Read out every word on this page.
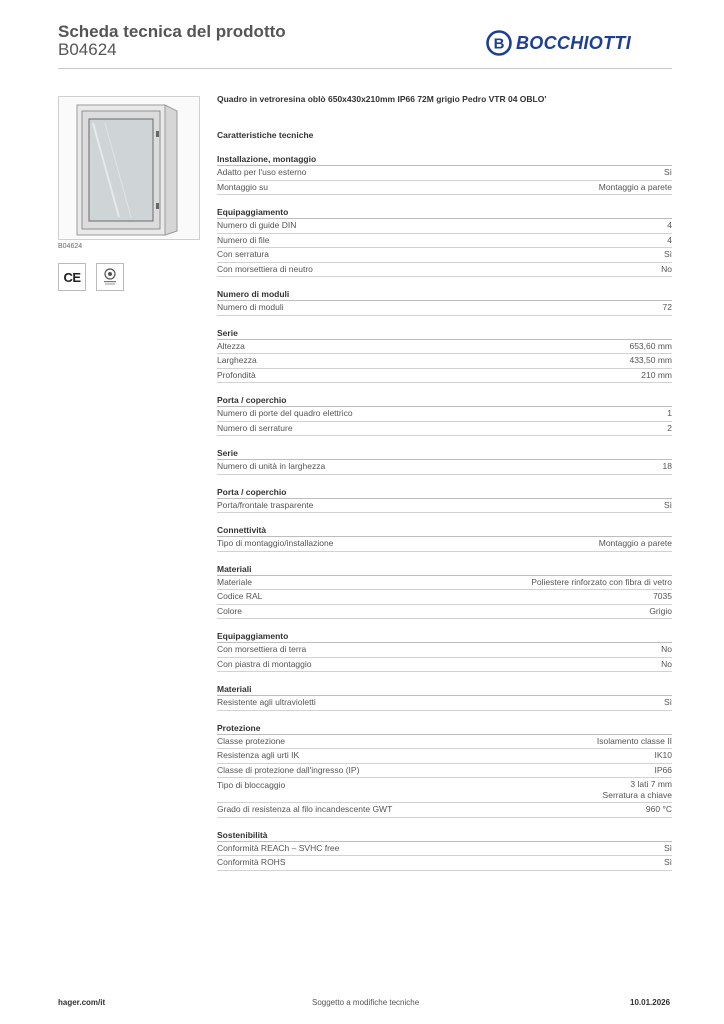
Scheda tecnica del prodotto
B04624	B BOCCHIOTTI
B04624
CE
Quadro in vetroresina oblò 650x430x210mm IP66 72M grigio Pedro VTR 04 OBLO'
Caratteristiche tecniche
Installazione, montaggio
Adatto per l'uso esterno	Sì
Montaggio su	Montaggio a parete
Equipaggiamento
Numero di guide DIN	4
Numero di file	4
Con serratura	Sì
Con morsettiera di neutro	No
Numero di moduli
Numero di moduli	72
Serie
Altezza	653,60 mm
Larghezza	433,50 mm
Profondità	210 mm
Porta / coperchio
Numero di porte del quadro elettrico	1
Numero di serrature	2
Serie
Numero di unità in larghezza	18
Porta / coperchio
Porta/frontale trasparente	Sì
Connettività
Tipo di montaggio/installazione	Montaggio a parete
Materiali
Materiale	Poliestere rinforzato con fibra di vetro
Codice RAL	7035
Colore	Grigio
Equipaggiamento
Con morsettiera di terra	No
Con piastra di montaggio	No
Materiali
Resistente agli ultravioletti	Sì
Protezione
Classe protezione	Isolamento classe II
Resistenza agli urti IK	IK10
Classe di protezione dall'ingresso (IP)	IP66
Tipo di bloccaggio	3 lati 7 mm
Serratura a chiave
Grado di resistenza al filo incandescente GWT	960 °C
Sostenibilità
Conformità REACh – SVHC free	Sì
Conformità ROHS	Sì
hager.com/it	Soggetto a modifiche tecniche	10.01.2026
